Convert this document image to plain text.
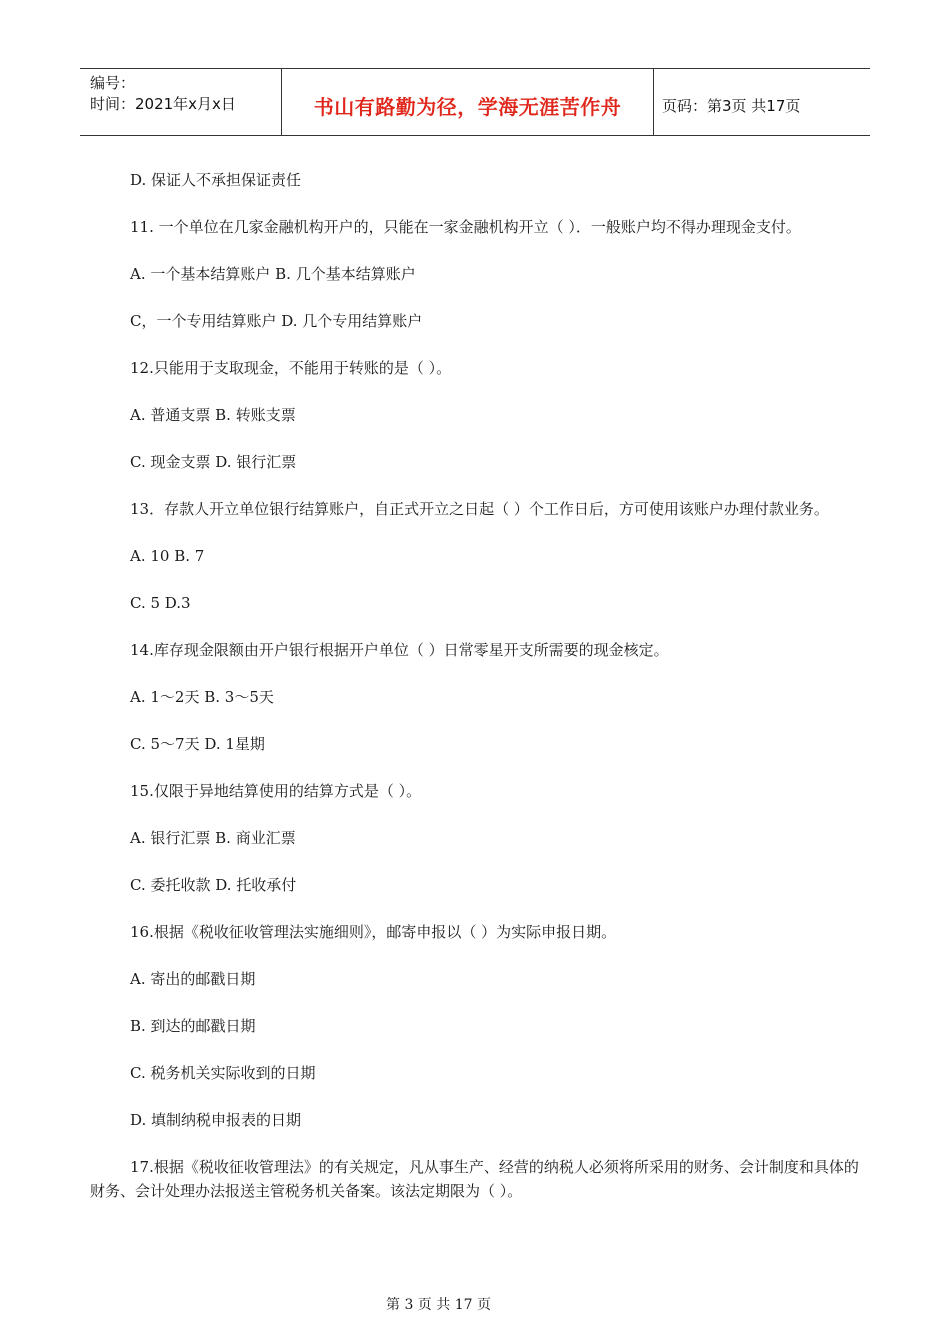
编号：
时间：2021年x月x日	书山有路勤为径，学海无涯苦作舟	页码：第3页 共17页

D. 保证人不承担保证责任

11. 一个单位在几家金融机构开户的，只能在一家金融机构开立（ ）．一般账户均不得办理现金支付。

A. 一个基本结算账户 B. 几个基本结算账户

C，一个专用结算账户 D. 几个专用结算账户

12.只能用于支取现金，不能用于转账的是（ ）。

A. 普通支票 B. 转账支票

C. 现金支票 D. 银行汇票

13．存款人开立单位银行结算账户，自正式开立之日起（ ）个工作日后，方可使用该账户办理付款业务。

A. 10 B. 7

C. 5 D.3

14.库存现金限额由开户银行根据开户单位（ ）日常零星开支所需要的现金核定。

A. 1～2天 B. 3～5天

C. 5～7天 D. 1星期

15.仅限于异地结算使用的结算方式是（ ）。

A. 银行汇票 B. 商业汇票

C. 委托收款 D. 托收承付

16.根据《税收征收管理法实施细则》，邮寄申报以（ ）为实际申报日期。

A. 寄出的邮戳日期

B. 到达的邮戳日期

C. 税务机关实际收到的日期

D. 填制纳税申报表的日期

17.根据《税收征收管理法》的有关规定，凡从事生产、经营的纳税人必须将所采用的财务、会计制度和具体的财务、会计处理办法报送主管税务机关备案。该法定期限为（ ）。

第 3 页 共 17 页
